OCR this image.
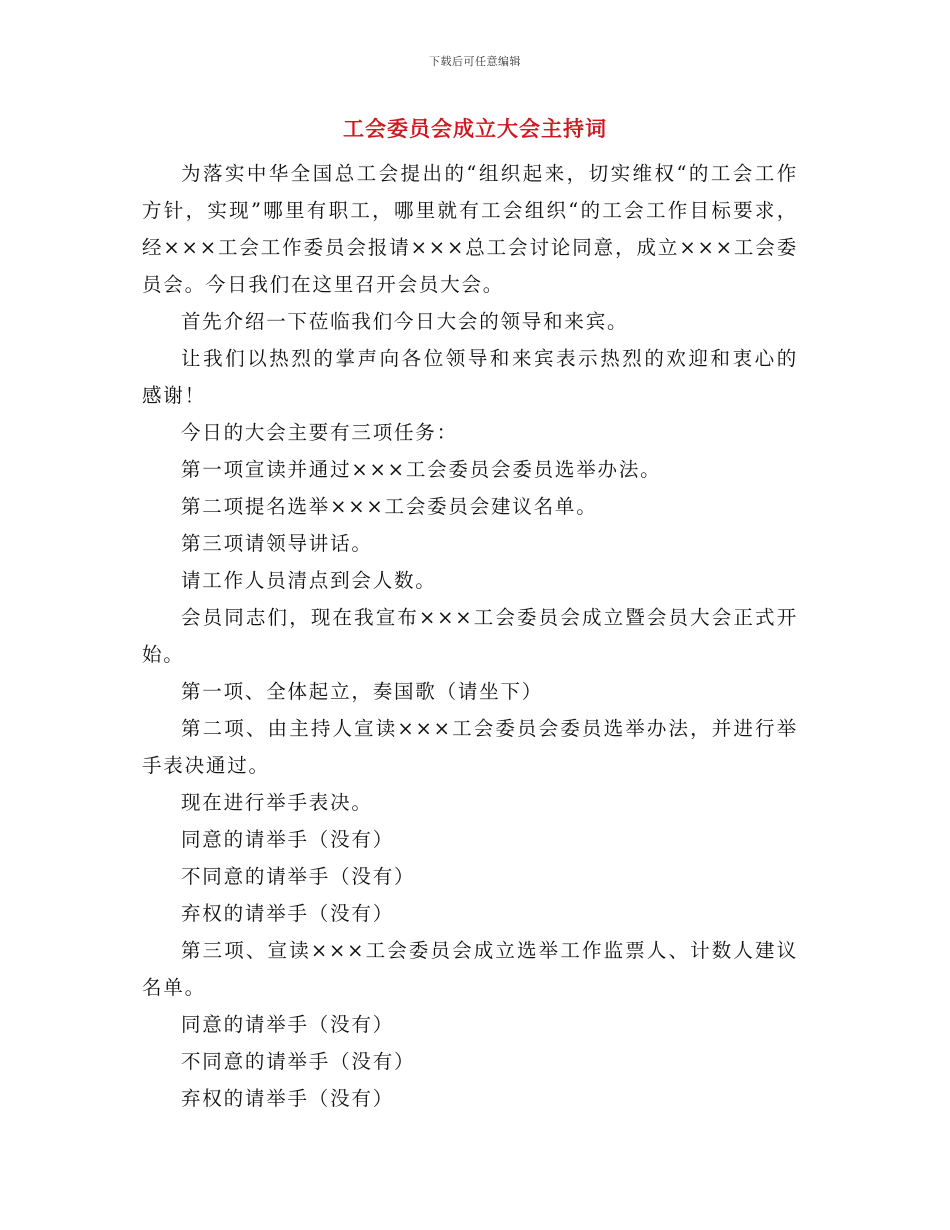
下载后可任意编辑
工会委员会成立大会主持词

为落实中华全国总工会提出的“组织起来，切实维权“的工会工作方针，实现”哪里有职工，哪里就有工会组织“的工会工作目标要求，经×××工会工作委员会报请×××总工会讨论同意，成立×××工会委员会。今日我们在这里召开会员大会。

首先介绍一下莅临我们今日大会的领导和来宾。

让我们以热烈的掌声向各位领导和来宾表示热烈的欢迎和衷心的感谢！

今日的大会主要有三项任务：

第一项宣读并通过×××工会委员会委员选举办法。

第二项提名选举×××工会委员会建议名单。

第三项请领导讲话。

请工作人员清点到会人数。

会员同志们，现在我宣布×××工会委员会成立暨会员大会正式开始。

第一项、全体起立，奏国歌（请坐下）

第二项、由主持人宣读×××工会委员会委员选举办法，并进行举手表决通过。

现在进行举手表决。

同意的请举手（没有）

不同意的请举手（没有）

弃权的请举手（没有）

第三项、宣读×××工会委员会成立选举工作监票人、计数人建议名单。

同意的请举手（没有）

不同意的请举手（没有）

弃权的请举手（没有）
